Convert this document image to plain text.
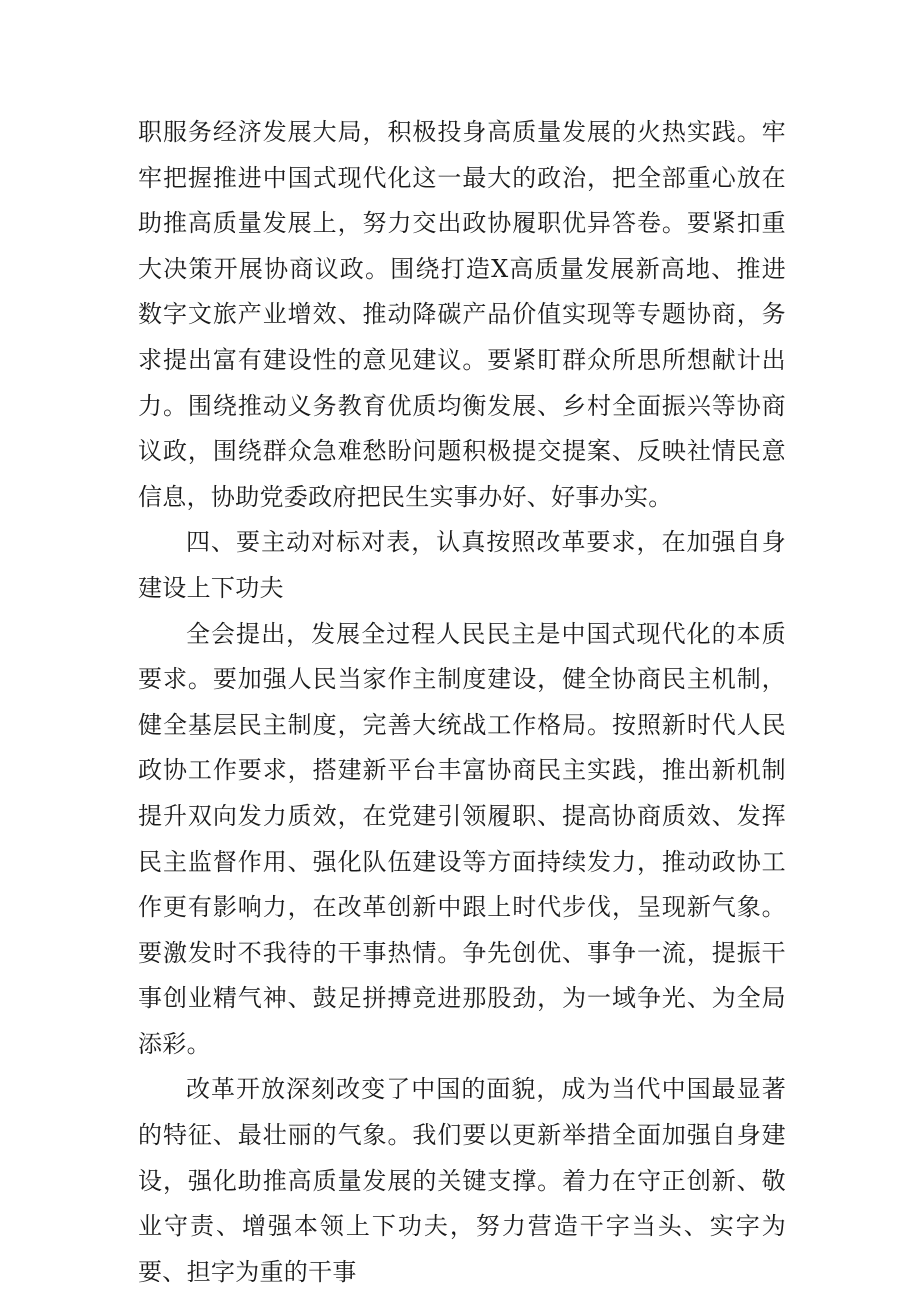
职服务经济发展大局，积极投身高质量发展的火热实践。牢牢把握推进中国式现代化这一最大的政治，把全部重心放在助推高质量发展上，努力交出政协履职优异答卷。要紧扣重大决策开展协商议政。围绕打造X高质量发展新高地、推进数字文旅产业增效、推动降碳产品价值实现等专题协商，务求提出富有建设性的意见建议。要紧盯群众所思所想献计出力。围绕推动义务教育优质均衡发展、乡村全面振兴等协商议政，围绕群众急难愁盼问题积极提交提案、反映社情民意信息，协助党委政府把民生实事办好、好事办实。

四、要主动对标对表，认真按照改革要求，在加强自身建设上下功夫

全会提出，发展全过程人民民主是中国式现代化的本质要求。要加强人民当家作主制度建设，健全协商民主机制，健全基层民主制度，完善大统战工作格局。按照新时代人民政协工作要求，搭建新平台丰富协商民主实践，推出新机制提升双向发力质效，在党建引领履职、提高协商质效、发挥民主监督作用、强化队伍建设等方面持续发力，推动政协工作更有影响力，在改革创新中跟上时代步伐，呈现新气象。要激发时不我待的干事热情。争先创优、事争一流，提振干事创业精气神、鼓足拼搏竞进那股劲，为一域争光、为全局添彩。

改革开放深刻改变了中国的面貌，成为当代中国最显著的特征、最壮丽的气象。我们要以更新举措全面加强自身建设，强化助推高质量发展的关键支撑。着力在守正创新、敬业守责、增强本领上下功夫，努力营造干字当头、实字为要、担字为重的干事
